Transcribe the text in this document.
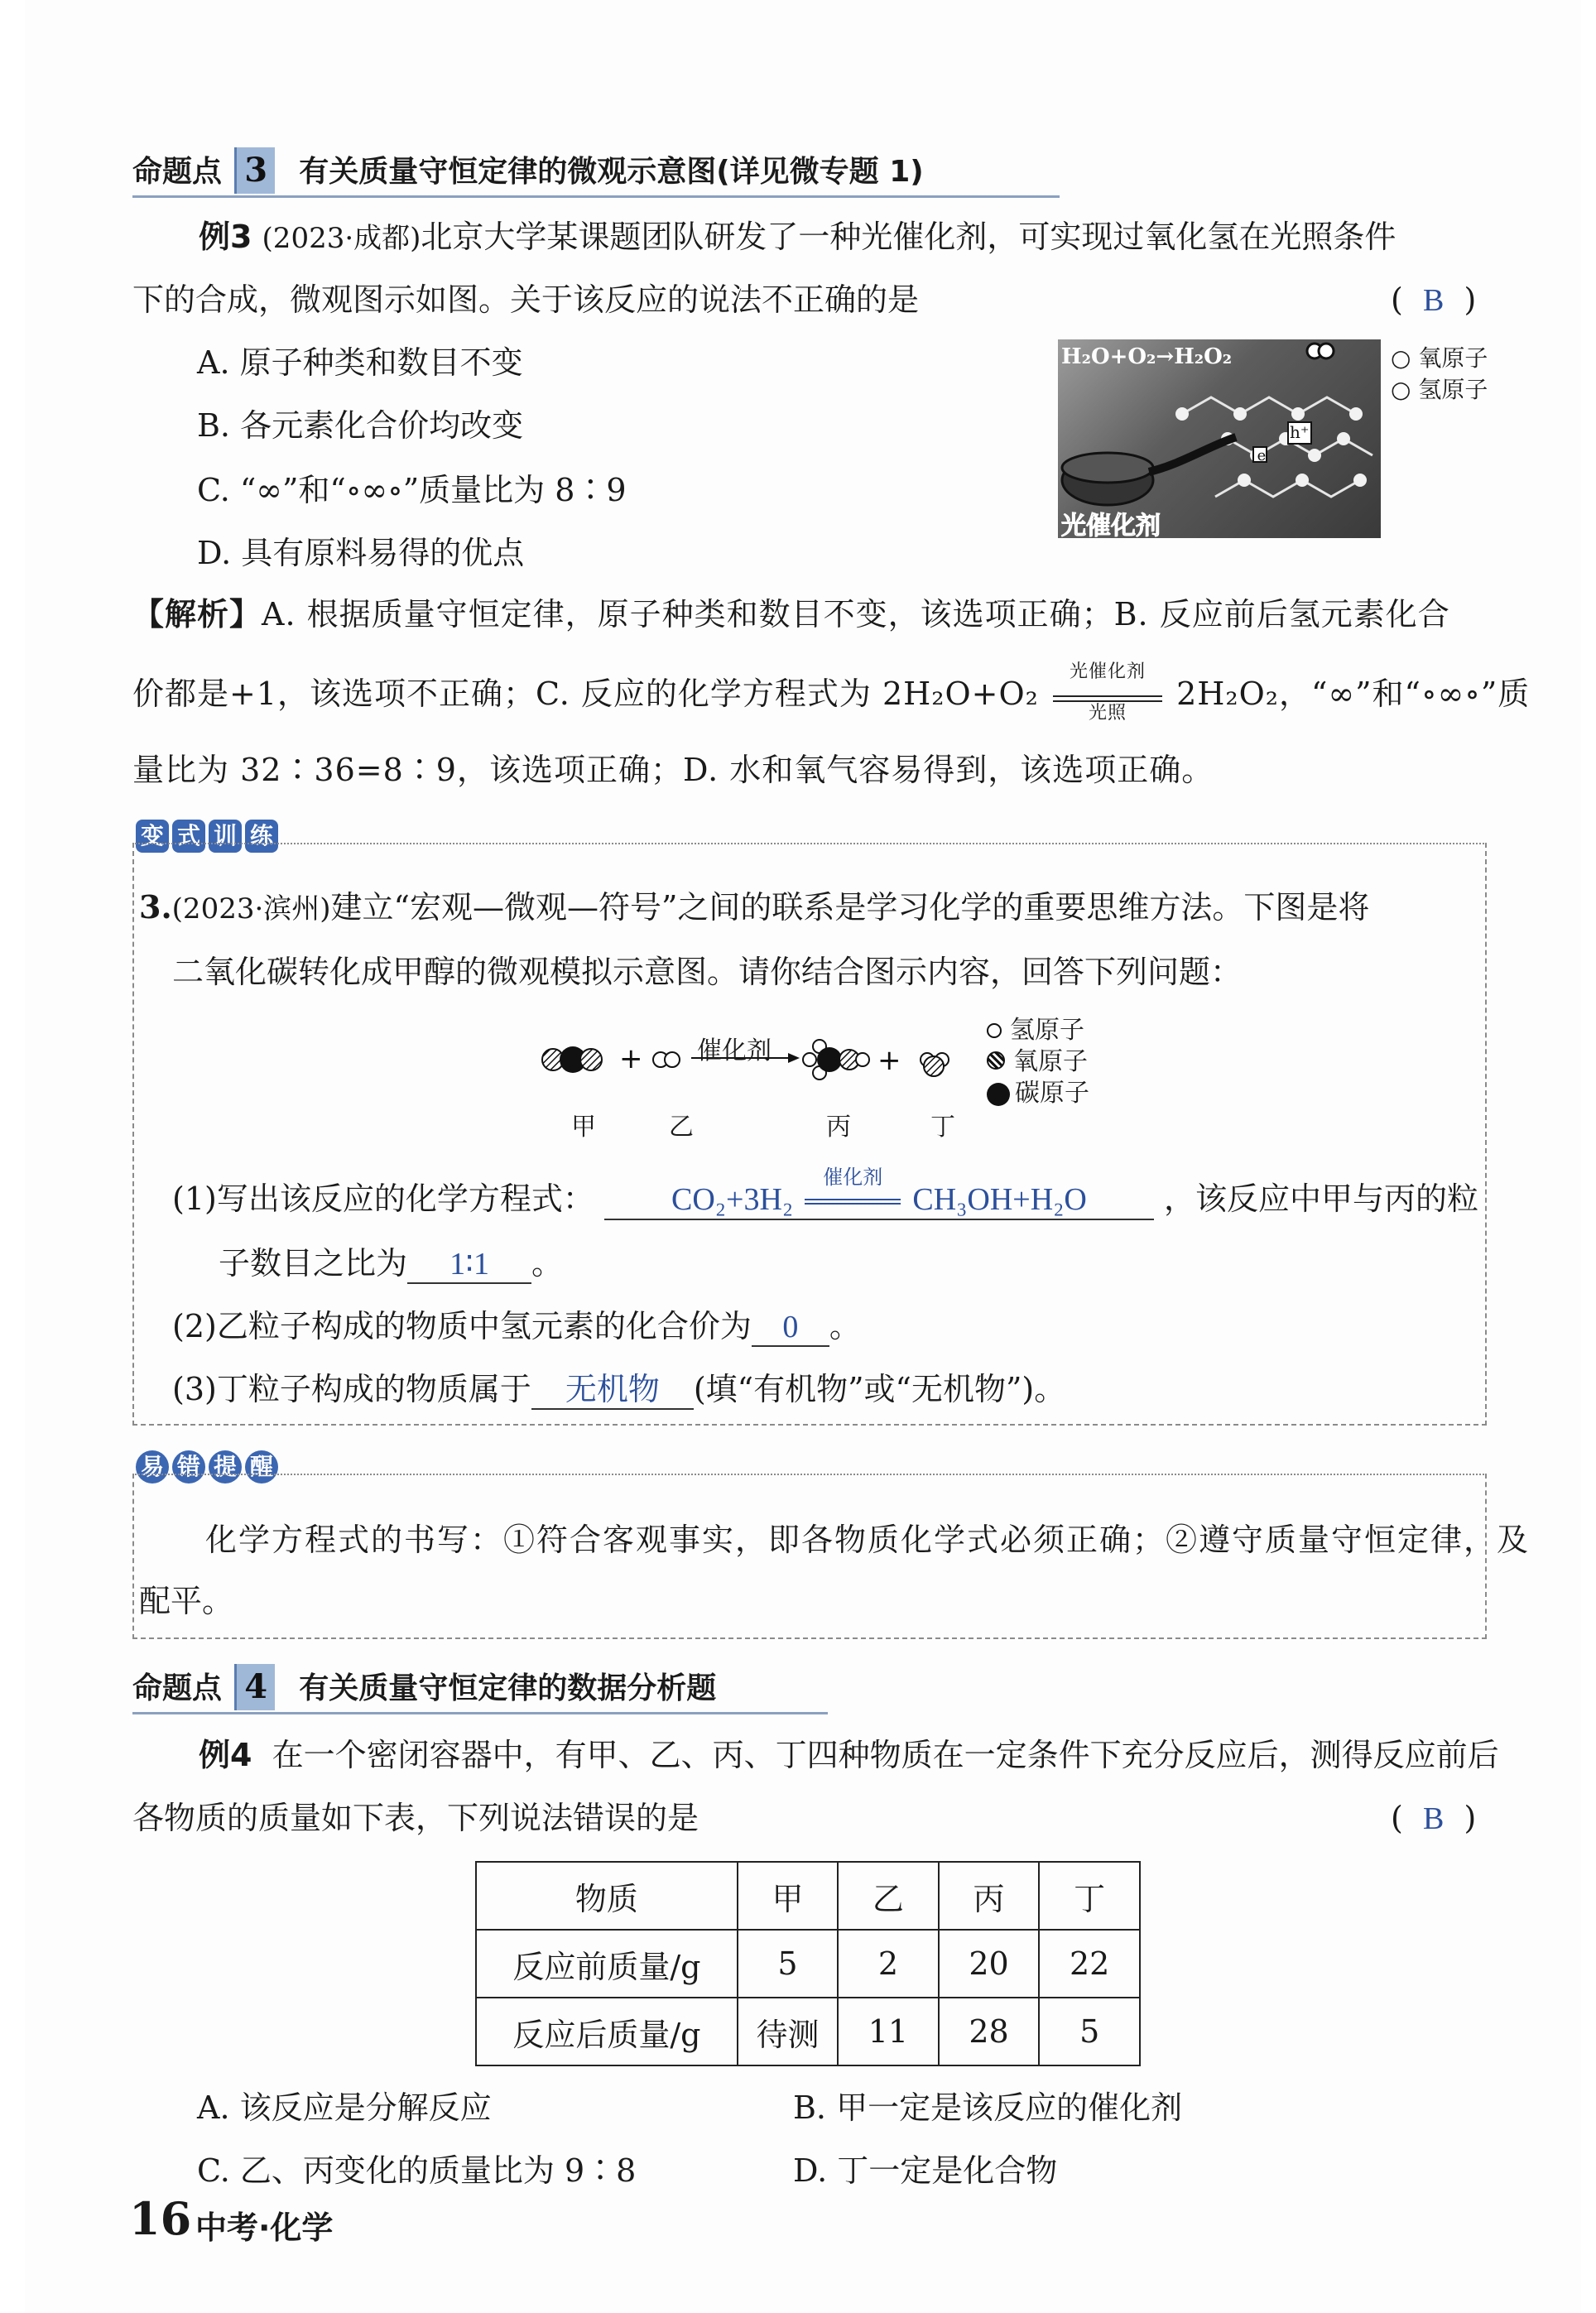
命题点 3 有关质量守恒定律的微观示意图(详见微专题 1)
例3 (2023·成都)北京大学某课题团队研发了一种光催化剂，可实现过氧化氢在光照条件
下的合成，微观图示如图。关于该反应的说法不正确的是	(  B  )
A. 原子种类和数目不变
B. 各元素化合价均改变
C. “∞”和“∘∞∘”质量比为 8∶9
D. 具有原料易得的优点
H₂O+O₂→H₂O₂
e
h⁺
光催化剂
○ 氧原子
○ 氢原子
【解析】A. 根据质量守恒定律，原子种类和数目不变，该选项正确；B. 反应前后氢元素化合
价都是+1，该选项不正确；C. 反应的化学方程式为 2H₂O+O₂
光催化剂
光照
2H₂O₂，“∞”和“∘∞∘”质
量比为 32∶36=8∶9，该选项正确；D. 水和氧气容易得到，该选项正确。
变 式 训 练
3.(2023·滨州)建立“宏观—微观—符号”之间的联系是学习化学的重要思维方法。下图是将
二氧化碳转化成甲醇的微观模拟示意图。请你结合图示内容，回答下列问题：
+ 催化剂	+
甲	乙	丙	丁
氢原子
氧原子
碳原子
(1)写出该反应的化学方程式： CO₂+3H₂
催化剂
CH₃OH+H₂O ，该反应中甲与丙的粒
子数目之比为 1∶1 。
(2)乙粒子构成的物质中氢元素的化合价为 0 。
(3)丁粒子构成的物质属于 无机物 (填“有机物”或“无机物”)。
易 错 提 醒
化学方程式的书写：①符合客观事实，即各物质化学式必须正确；②遵守质量守恒定律，及
配平。
命题点 4 有关质量守恒定律的数据分析题
例4 在一个密闭容器中，有甲、乙、丙、丁四种物质在一定条件下充分反应后，测得反应前后
各物质的质量如下表，下列说法错误的是	(  B  )
物质	甲	乙	丙	丁
反应前质量/g	5	2	20	22
反应后质量/g	待测	11	28	5
A. 该反应是分解反应	B. 甲一定是该反应的催化剂
C. 乙、丙变化的质量比为 9∶8	D. 丁一定是化合物
16 中考·化学
